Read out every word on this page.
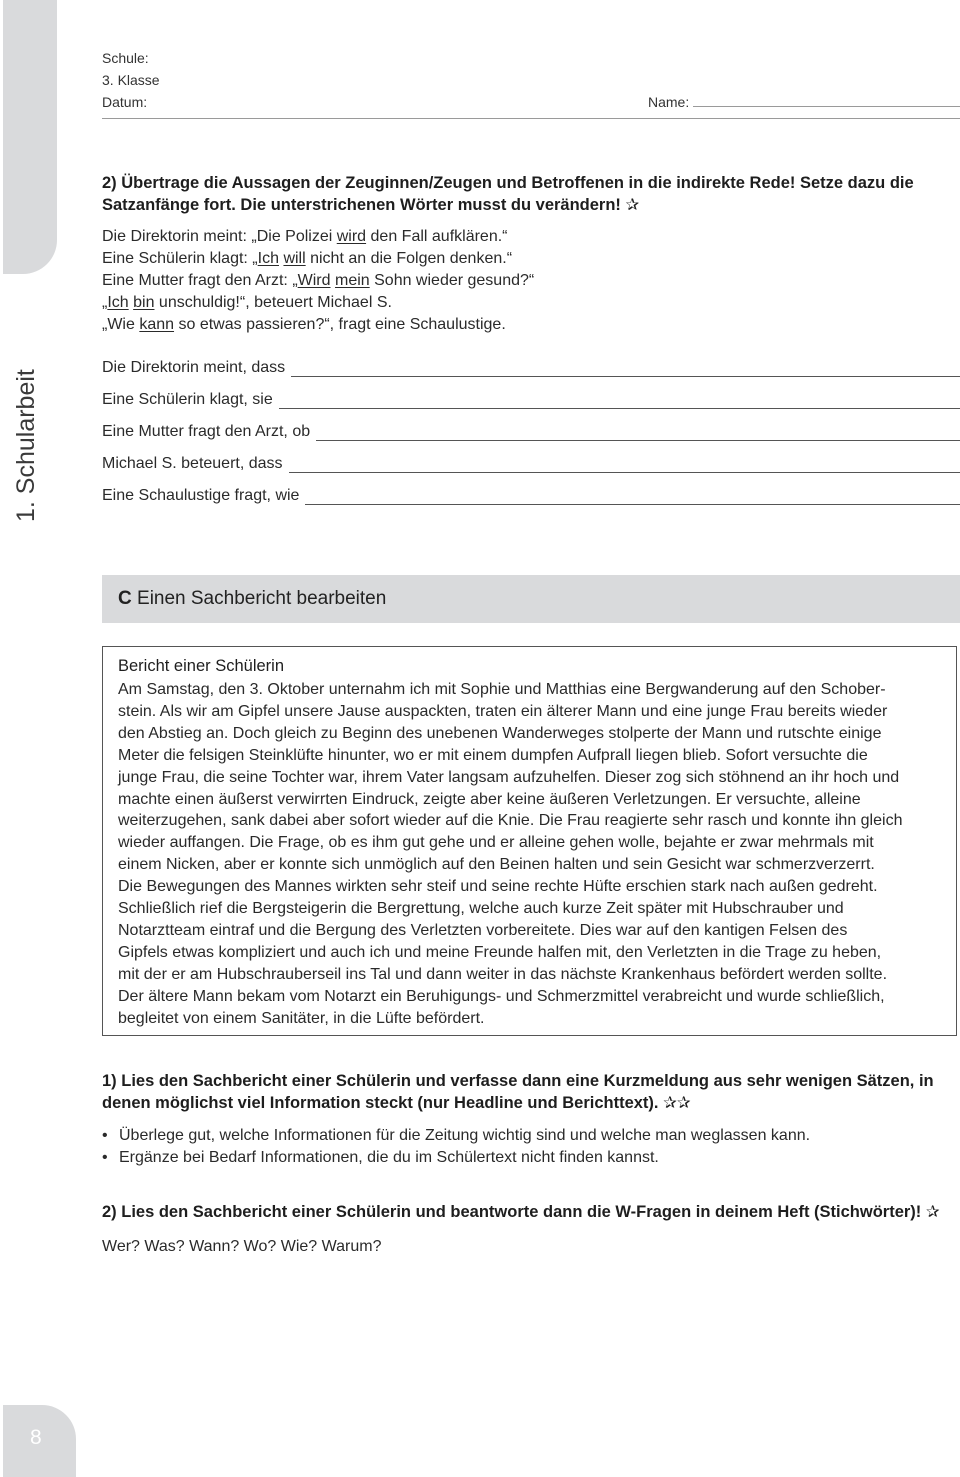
1. Schularbeit
8
Schule:
3. Klasse
Datum:	Name:
2) Übertrage die Aussagen der Zeuginnen/Zeugen und Betroffenen in die indirekte Rede! Setze dazu die
Satzanfänge fort. Die unterstrichenen Wörter musst du verändern! ✰
Die Direktorin meint: „Die Polizei wird den Fall aufklären.“
Eine Schülerin klagt: „Ich will nicht an die Folgen denken.“
Eine Mutter fragt den Arzt: „Wird mein Sohn wieder gesund?“
„Ich bin unschuldig!“, beteuert Michael S.
„Wie kann so etwas passieren?“, fragt eine Schaulustige.
Die Direktorin meint, dass
Eine Schülerin klagt, sie
Eine Mutter fragt den Arzt, ob
Michael S. beteuert, dass
Eine Schaulustige fragt, wie
C Einen Sachbericht bearbeiten
Bericht einer Schülerin
Am Samstag, den 3. Oktober unternahm ich mit Sophie und Matthias eine Bergwanderung auf den Schober-
stein. Als wir am Gipfel unsere Jause auspackten, traten ein älterer Mann und eine junge Frau bereits wieder
den Abstieg an. Doch gleich zu Beginn des unebenen Wanderweges stolperte der Mann und rutschte einige
Meter die felsigen Steinklüfte hinunter, wo er mit einem dumpfen Aufprall liegen blieb. Sofort versuchte die
junge Frau, die seine Tochter war, ihrem Vater langsam aufzuhelfen. Dieser zog sich stöhnend an ihr hoch und
machte einen äußerst verwirrten Eindruck, zeigte aber keine äußeren Verletzungen. Er versuchte, alleine
weiterzugehen, sank dabei aber sofort wieder auf die Knie. Die Frau reagierte sehr rasch und konnte ihn gleich
wieder auffangen. Die Frage, ob es ihm gut gehe und er alleine gehen wolle, bejahte er zwar mehrmals mit
einem Nicken, aber er konnte sich unmöglich auf den Beinen halten und sein Gesicht war schmerzverzerrt.
Die Bewegungen des Mannes wirkten sehr steif und seine rechte Hüfte erschien stark nach außen gedreht.
Schließlich rief die Bergsteigerin die Bergrettung, welche auch kurze Zeit später mit Hubschrauber und
Notarztteam eintraf und die Bergung des Verletzten vorbereitete. Dies war auf den kantigen Felsen des
Gipfels etwas kompliziert und auch ich und meine Freunde halfen mit, den Verletzten in die Trage zu heben,
mit der er am Hubschrauberseil ins Tal und dann weiter in das nächste Krankenhaus befördert werden sollte.
Der ältere Mann bekam vom Notarzt ein Beruhigungs- und Schmerzmittel verabreicht und wurde schließlich,
begleitet von einem Sanitäter, in die Lüfte befördert.
1) Lies den Sachbericht einer Schülerin und verfasse dann eine Kurzmeldung aus sehr wenigen Sätzen, in
denen möglichst viel Information steckt (nur Headline und Berichttext). ✰✰
• Überlege gut, welche Informationen für die Zeitung wichtig sind und welche man weglassen kann.
• Ergänze bei Bedarf Informationen, die du im Schülertext nicht finden kannst.
2) Lies den Sachbericht einer Schülerin und beantworte dann die W-Fragen in deinem Heft (Stichwörter)! ✰
Wer? Was? Wann? Wo? Wie? Warum?
